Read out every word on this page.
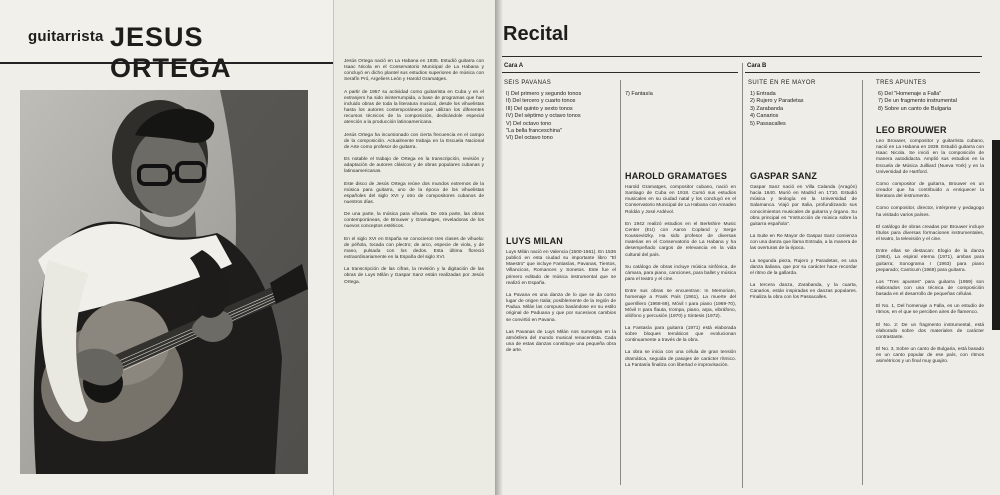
guitarrista JESUS ORTEGA	Jesús Ortega nació en La Habana en 1935. Estudió guitarra con Isaac Nicola en el Conservatorio Municipal de La Habana y concluyó en dicho plantel sus estudios superiores de música con Serafín Pró, Argeliers León y Harold Gramatges.

A partir de 1957 su actividad como guitarrista en Cuba y en el extranjero ha sido ininterrumpida, a base de programas que han incluido obras de toda la literatura musical, desde los vihuelistas hasta los autores contemporáneos que utilizan los diferentes recursos técnicos de la composición, dedicándole especial atención a la producción latinoamericana.

Jesús Ortega ha incursionado con cierta frecuencia en el campo de la composición. Actualmente trabaja en la Escuela Nacional de Arte como profesor de guitarra.

Es notable el trabajo de Ortega en la transcripción, revisión y adaptación de autores clásicos y de obras populares cubanas y latinoamericanas.

Este disco de Jesús Ortega reúne dos mundos extremos de la música para guitarra, uno de la época de los vihuelistas españoles del siglo XVI y otro de compositores cubanos de nuestros días.

De una parte, la música para vihuela. De otra parte, las obras contemporáneas, de Brouwer y Gramatges, reveladoras de los nuevos conceptos estéticos.

En el siglo XVI en España se conocieron tres clases de vihuela: de péñola, tocada con plectro; de arco, especie de viola, y de mano, pulsada con los dedos. Esta última floreció extraordinariamente en la España del siglo XVI.

La transcripción de las cifras, la revisión y la digitación de las obras de Luys Milán y Gaspar Sanz están realizadas por Jesús Ortega.

Recital
Cara A	Cara B
SEIS PAVANAS
I) Del primero y segundo tonos
II) Del tercero y cuarto tonos
III) Del quinto y sexto tonos
IV) Del séptimo y octavo tonos
V) Del octavo tono
"La bella franceschina"
VI) Del octavo tono
7) Fantasía
SUITE EN RE MAYOR
1) Entrada
2) Rujero y Paradetas
3) Zarabanda
4) Canarios
5) Passacalles
TRES APUNTES
6) Del "Homenaje a Falla"
7) De un fragmento instrumental
8) Sobre un canto de Bulgaria
LUYS MILAN

Luys Milán nació en Valencia (1500-1561). En 1536 publicó en esta ciudad su importante libro "El Maestro" que incluye Fantasías, Pavanas, Tientos, Villancicos, Romances y Sonetos. Este fue el primero editado de música instrumental que se realizó en España.

La Pavana es una danza de lo que se da como lugar de origen Italia; posiblemente de la región de Padua. Milán las compuso basándose en su estilo original de Paduana y que por sucesivos cambios se convirtió en Pavana.

Las Pavanas de Luys Milán nos sumergen en la atmósfera del mundo musical renacentista. Cada una de estas danzas constituye una pequeña obra de arte.

HAROLD GRAMATGES

Harold Gramatges, compositor cubano, nació en Santiago de Cuba en 1918. Cursó sus estudios musicales en su ciudad natal y los concluyó en el Conservatorio Municipal de La Habana con Amadeo Roldán y José Ardévol.

En 1942 realizó estudios en el Berkshire Music Center (EU) con Aaron Copland y Serge Koussevitzky. Ha sido profesor de diversas materias en el Conservatorio de La Habana y ha desempeñado cargos de relevancia en la vida cultural del país.

Su catálogo de obras incluye música sinfónica, de cámara, para piano, canciones, para ballet y música para el teatro y el cine.

Entre sus obras se encuentran: In Memoriam, homenaje a Frank País (1961), La muerte del guerrillero (1968-69), Móvil I para piano (1969-70), Móvil II para flauta, trompa, piano, arpa, vibráfono, xilófono y percusión (1970) y Sintesis (1972).

La Fantasía para guitarra (1971) está elaborada sobre bloques temáticos que evolucionan continuamente a través de la obra.

La obra se inicia con una célula de gran tensión dramática, seguida de pasajes de carácter rítmico. La Fantasía finaliza con libertad e improvisación.

GASPAR SANZ

Gaspar Sanz nació en Villa Calanda (Aragón) hacia 1640. Murió en Madrid en 1710. Estudió música y teología en la Universidad de Salamanca. Viajó por Italia, profundizando sus conocimientos musicales de guitarra y órgano. Su obra principal es "Instrucción de música sobre la guitarra española".

La Suite en Re Mayor de Gaspar Sanz comienza con una danza que llama Entrada, a la manera de las overturas de la época.

La segunda pieza, Rujero y Paradetas, es una danza italiana, que por su carácter hace recordar el ritmo de la gallarda.

La tercera danza, Zarabanda, y la cuarta, Canarios, están inspiradas en danzas populares. Finaliza la obra con los Passacalles.

LEO BROUWER

Leo Brouwer, compositor y guitarrista cubano, nació en La Habana en 1939. Estudió guitarra con Isaac Nicola. Se inició en la composición de manera autodidacta. Amplió sus estudios en la Escuela de Música Juilliard (Nueva York) y en la Universidad de Hartford.

Como compositor de guitarra, Brouwer es un creador que ha contribuido a enriquecer la literatura del instrumento.

Como compositor, director, intérprete y pedagogo ha visitado varios países.

El catálogo de obras creadas por Brouwer incluye títulos para diversas formaciones instrumentales, el teatro, la televisión y el cine.

Entre ellas se destacan: Elogio de la danza (1964), La espiral eterna (1971), ambas para guitarra; Sonograma I (1963) para piano preparado; Canticum (1968) para guitarra.

Los "Tres apuntes" para guitarra (1959) son elaborados con una técnica de composición basada en el desarrollo de pequeñas células.

El No. 1, Del homenaje a Falla, es un estudio de ritmos, en el que se perciben aires de flamenco.

El No. 2: De un fragmento instrumental, está elaborado sobre dos materiales de carácter contrastante.

El No. 3, Sobre un canto de Bulgaria, está basado en un canto popular de ese país, con ritmos asimétricos y un final muy guajiro.
